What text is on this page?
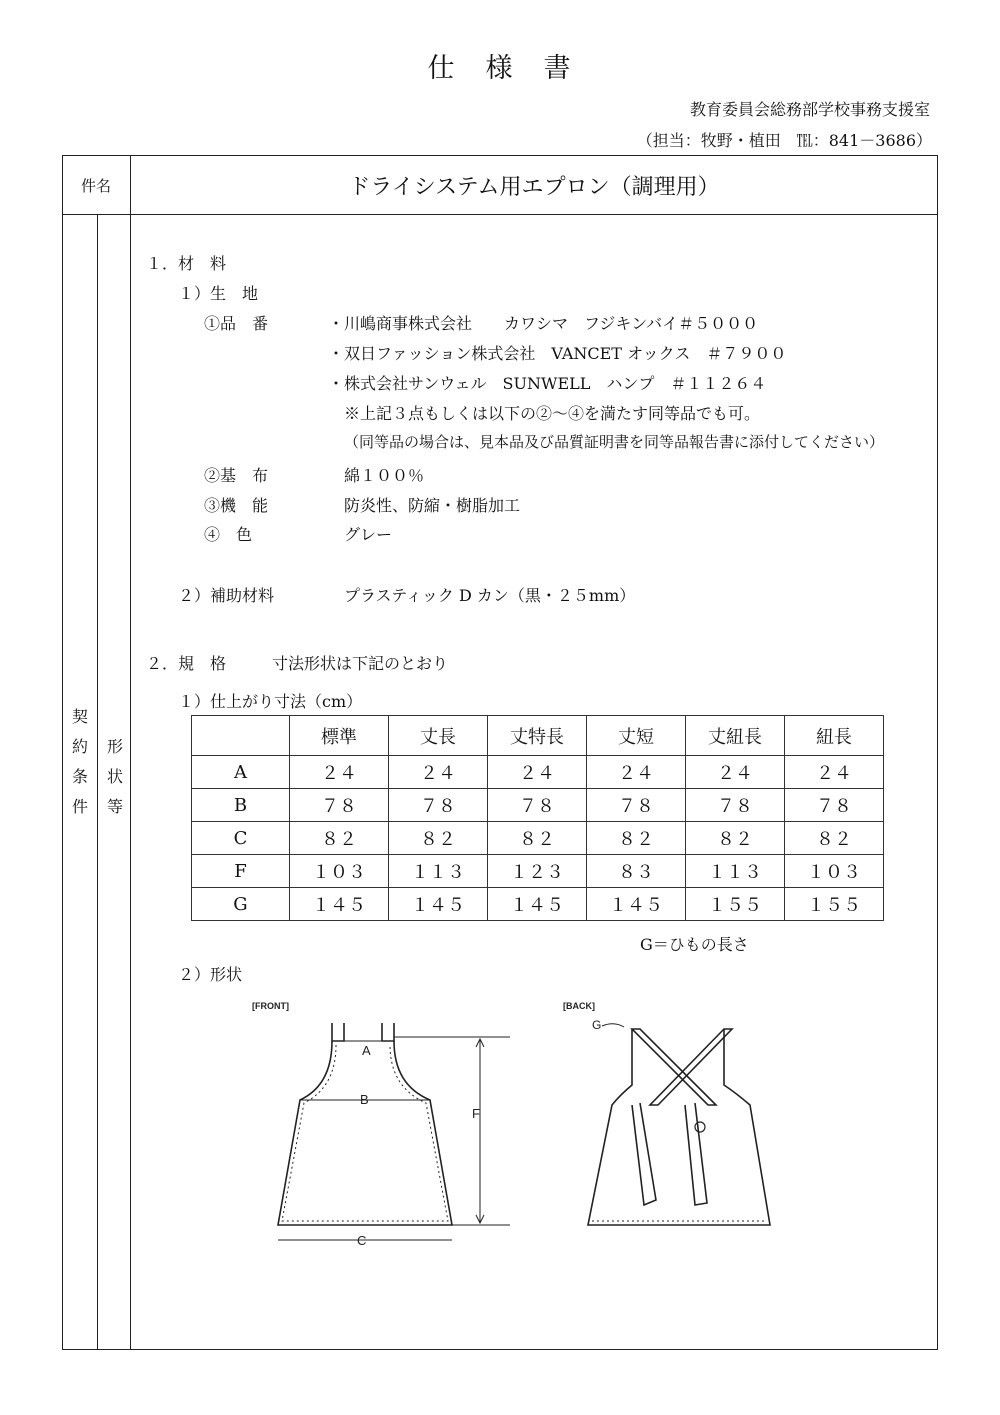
仕　様　書
教育委員会総務部学校事務支援室
（担当：牧野・植田　℡：841－3686）
件名	ドライシステム用エプロン（調理用）
契
約
条
件
形
状
等
１．材　料
１）生　地
①品　番	・川嶋商事株式会社　　カワシマ　フジキンバイ＃５０００
・双日ファッション株式会社　VANCET オックス　＃７９００
・株式会社サンウェル　SUNWELL　ハンプ　＃１１２６４
※上記３点もしくは以下の②～④を満たす同等品でも可。
（同等品の場合は、見本品及び品質証明書を同等品報告書に添付してください）
②基　布	綿１００％
③機　能	防炎性、防縮・樹脂加工
④　色	グレー
２）補助材料	プラスティック D カン（黒・２５mm）
２．規　格	寸法形状は下記のとおり
１）仕上がり寸法（cm）
	標準	丈長	丈特長	丈短	丈紐長	紐長
A	２４	２４	２４	２４	２４	２４
B	７８	７８	７８	７８	７８	７８
C	８２	８２	８２	８２	８２	８２
F	１０３	１１３	１２３	８３	１１３	１０３
G	１４５	１４５	１４５	１４５	１５５	１５５
G＝ひもの長さ
２）形状
[FRONT]
A
B
C
F
[BACK]
G
